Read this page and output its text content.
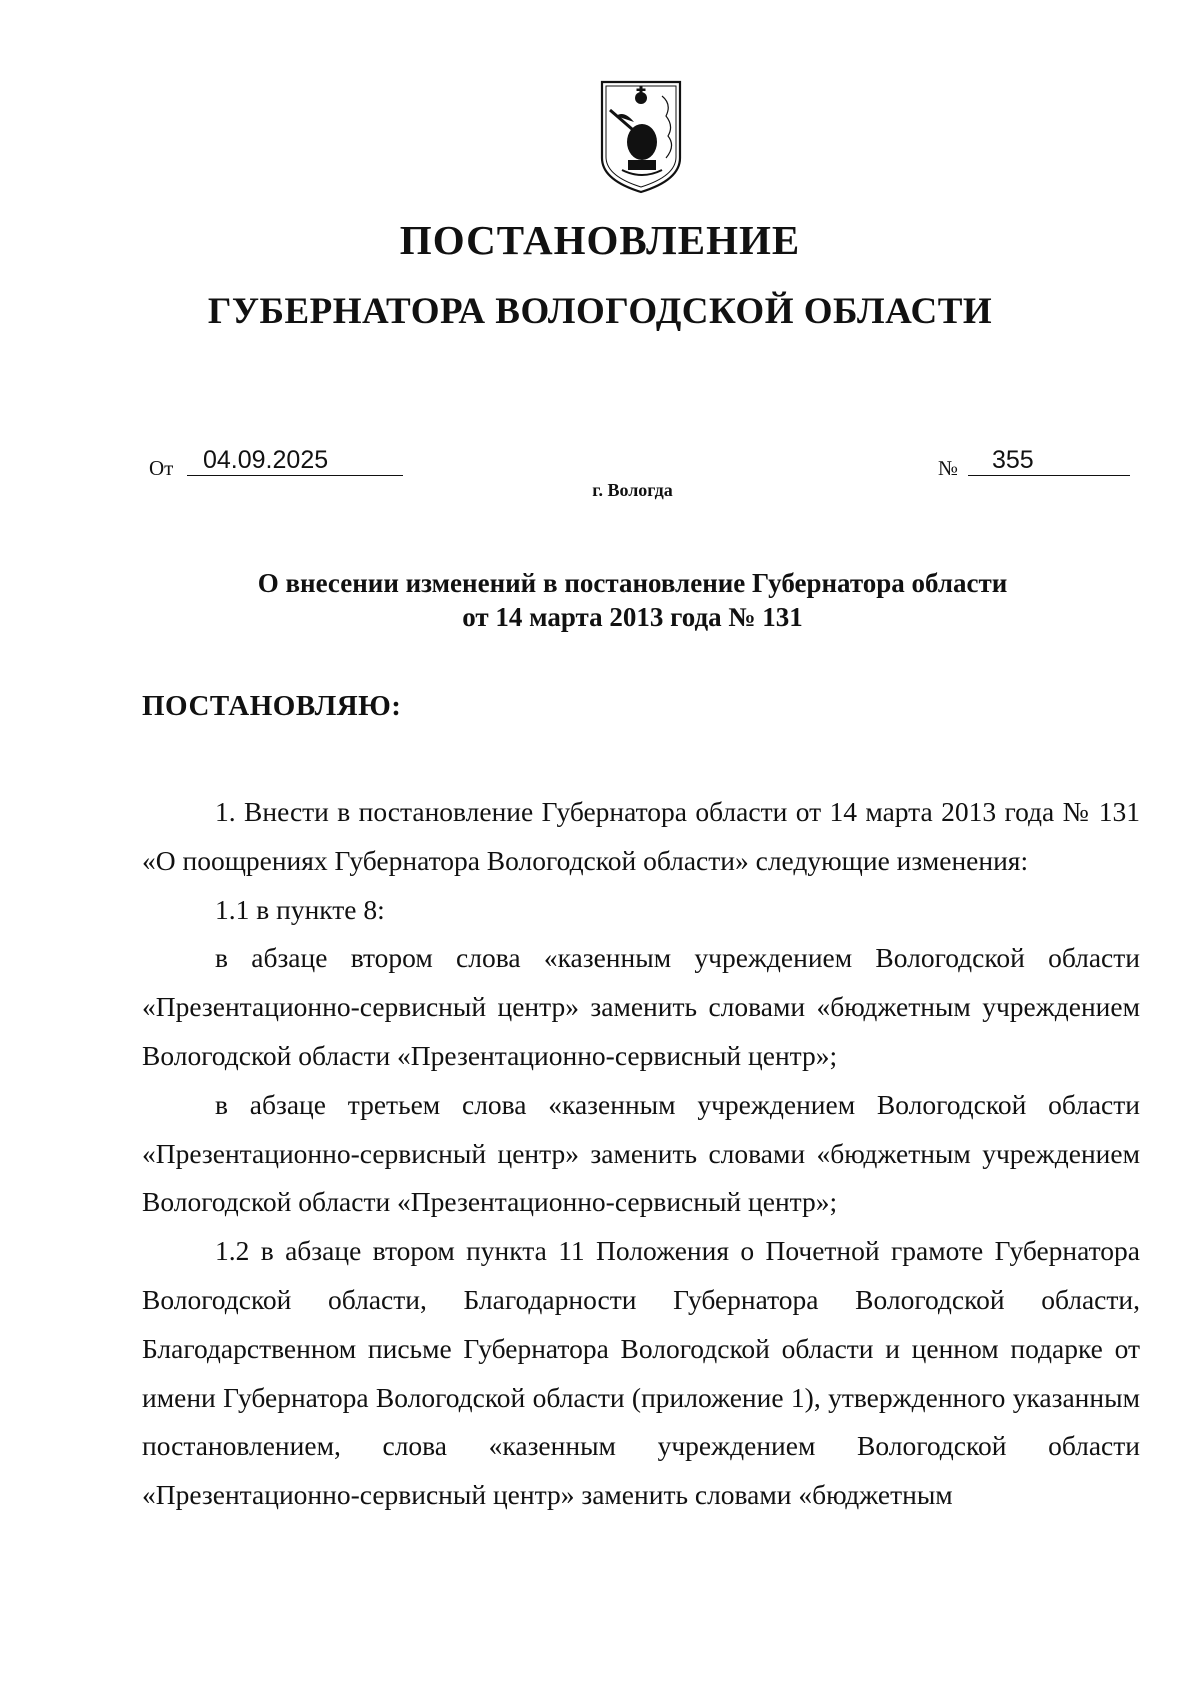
ПОСТАНОВЛЕНИЕ
ГУБЕРНАТОРА ВОЛОГОДСКОЙ ОБЛАСТИ
От 04.09.2025	№ 355
г. Вологда
О внесении изменений в постановление Губернатора области
от 14 марта 2013 года № 131
ПОСТАНОВЛЯЮ:

1. Внести в постановление Губернатора области от 14 марта 2013 года № 131 «О поощрениях Губернатора Вологодской области» следующие изменения:

1.1 в пункте 8:

в абзаце втором слова «казенным учреждением Вологодской области «Презентационно-сервисный центр» заменить словами «бюджетным учреждением Вологодской области «Презентационно-сервисный центр»;

в абзаце третьем слова «казенным учреждением Вологодской области «Презентационно-сервисный центр» заменить словами «бюджетным учреждением Вологодской области «Презентационно-сервисный центр»;

1.2 в абзаце втором пункта 11 Положения о Почетной грамоте Губернатора Вологодской области, Благодарности Губернатора Вологодской области, Благодарственном письме Губернатора Вологодской области и ценном подарке от имени Губернатора Вологодской области (приложение 1), утвержденного указанным постановлением, слова «казенным учреждением Вологодской области «Презентационно-сервисный центр» заменить словами «бюджетным
